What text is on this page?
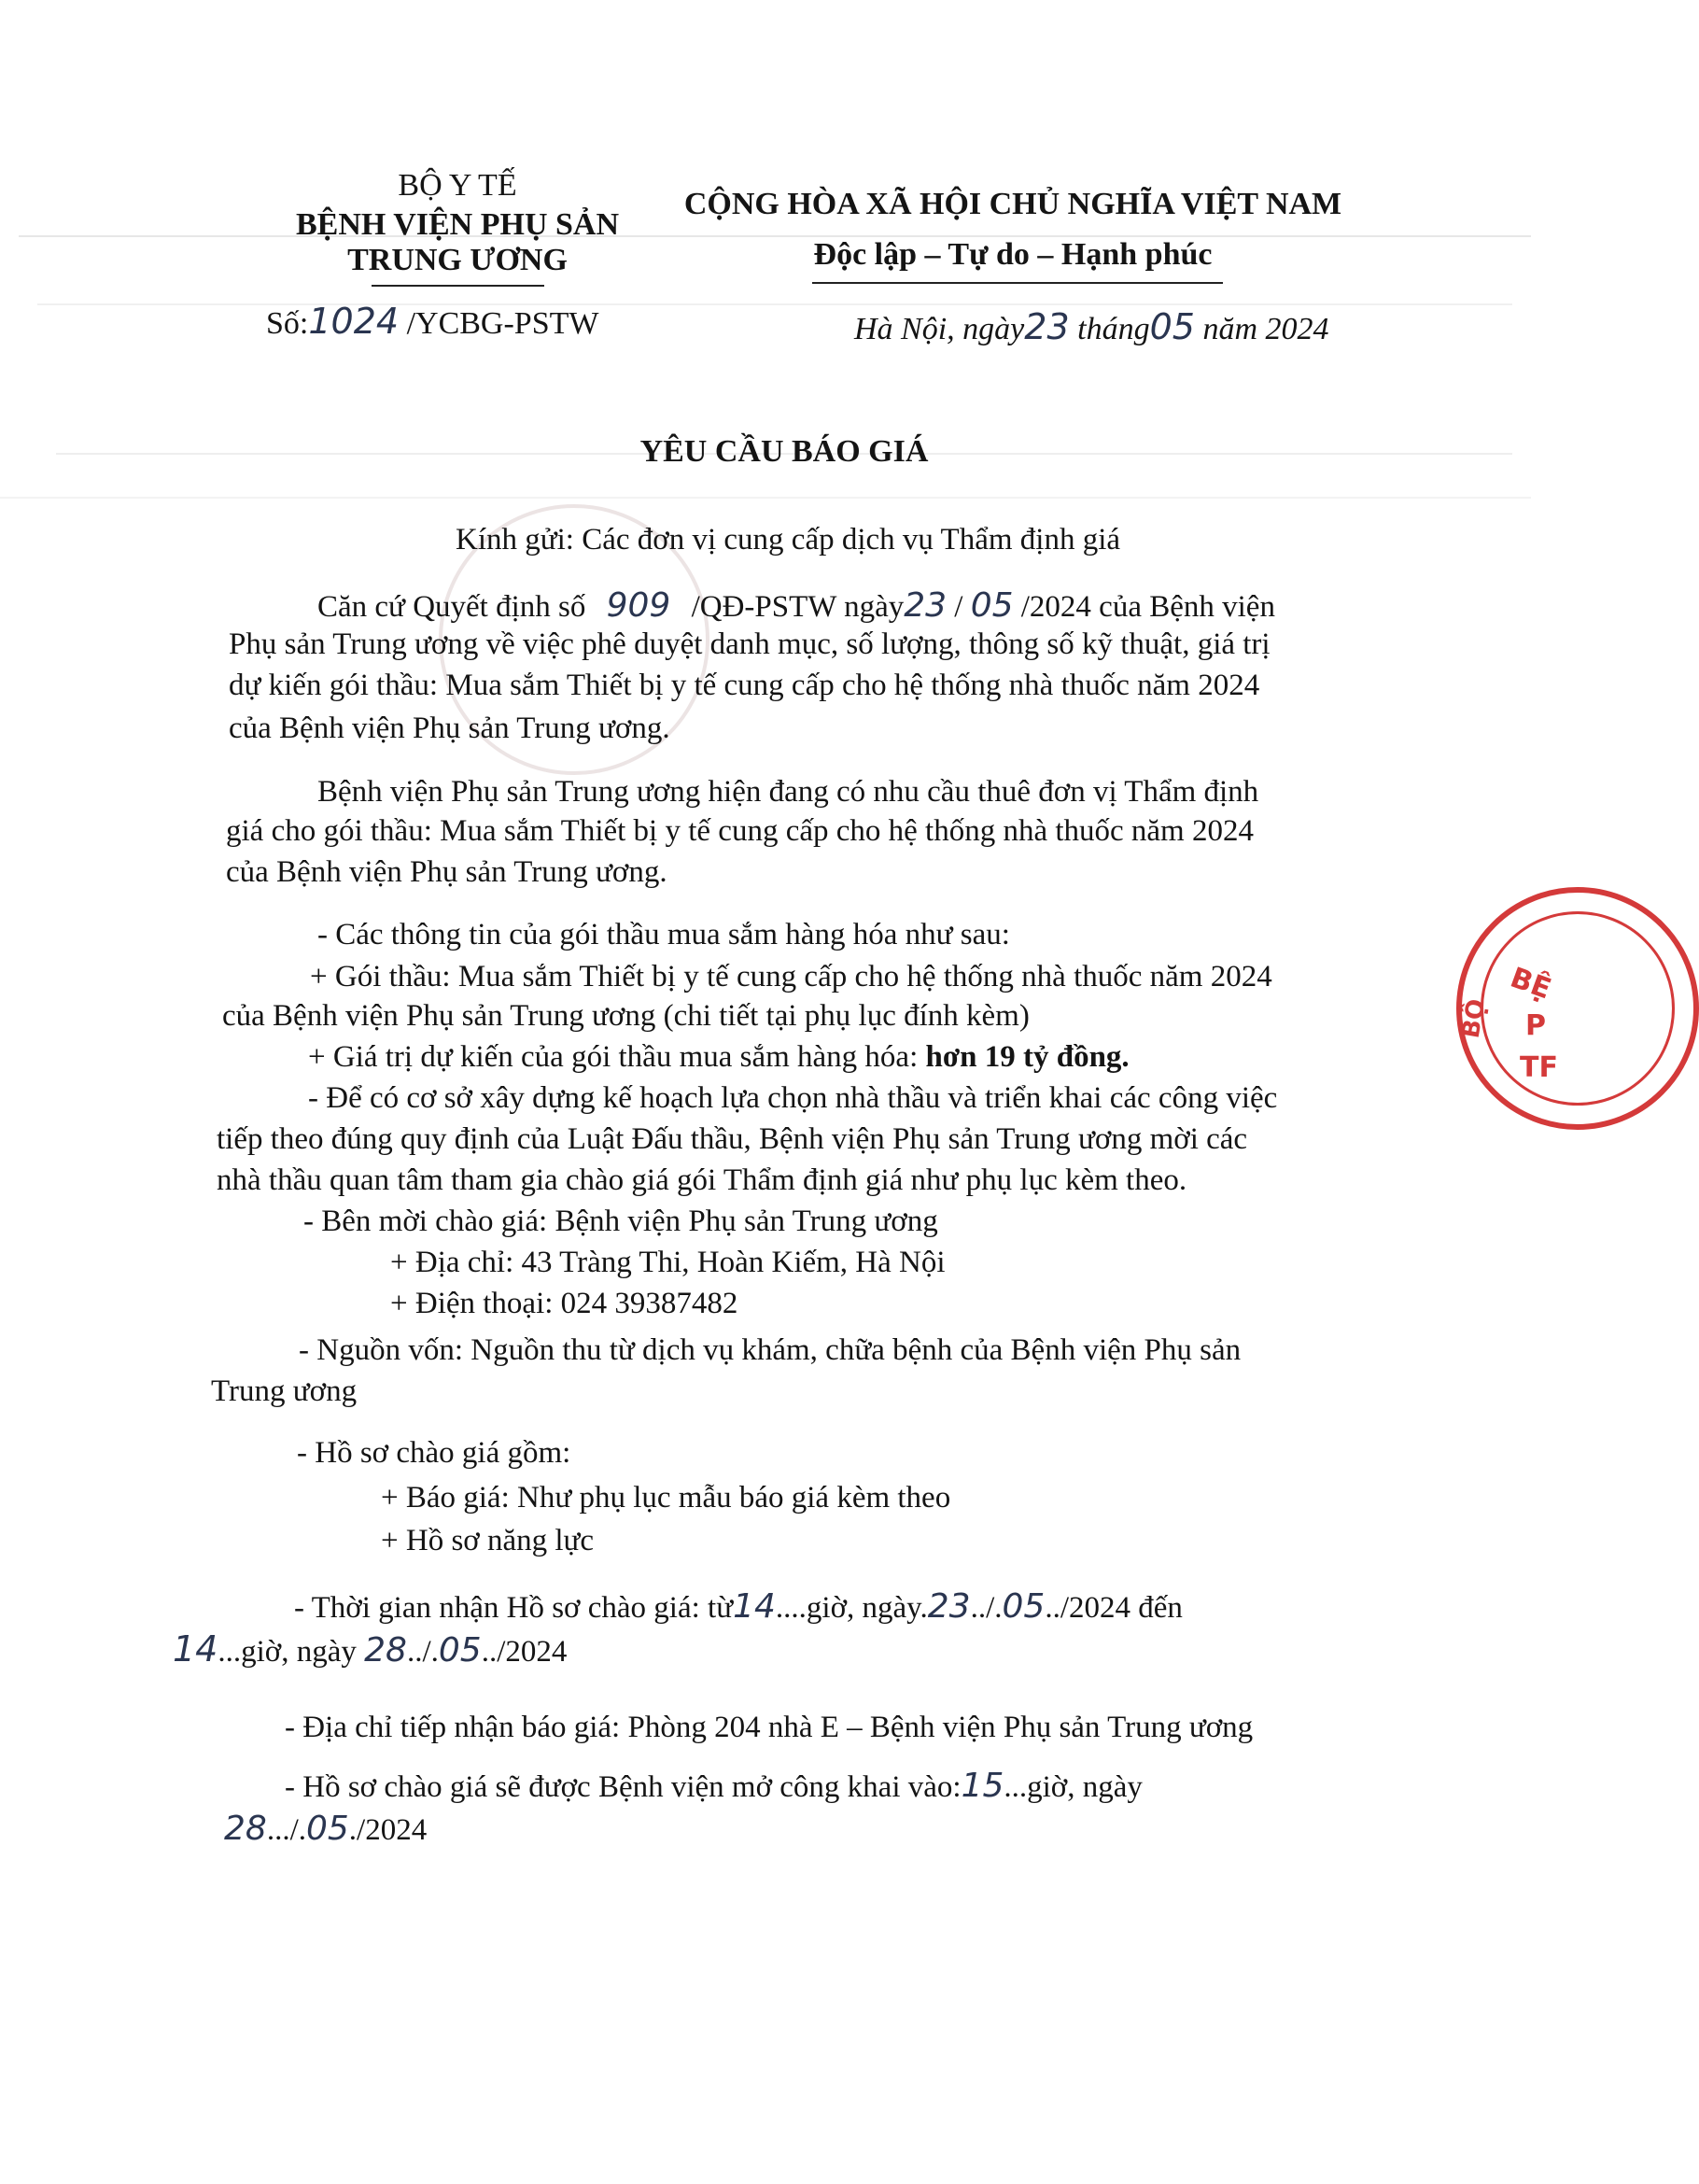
BỘ Y TẾ
BỆNH VIỆN PHỤ SẢN
TRUNG ƯƠNG
Số:1024 /YCBG-PSTW
CỘNG HÒA XÃ HỘI CHỦ NGHĨA VIỆT NAM
Độc lập – Tự do – Hạnh phúc
Hà Nội, ngày23 tháng05 năm 2024
YÊU CẦU BÁO GIÁ
Kính gửi: Các đơn vị cung cấp dịch vụ Thẩm định giá
Căn cứ Quyết định số 909 /QĐ-PSTW ngày23 / 05 /2024 của Bệnh viện
Phụ sản Trung ương về việc phê duyệt danh mục, số lượng, thông số kỹ thuật, giá trị
dự kiến gói thầu: Mua sắm Thiết bị y tế cung cấp cho hệ thống nhà thuốc năm 2024
của Bệnh viện Phụ sản Trung ương.
Bệnh viện Phụ sản Trung ương hiện đang có nhu cầu thuê đơn vị Thẩm định
giá cho gói thầu: Mua sắm Thiết bị y tế cung cấp cho hệ thống nhà thuốc năm 2024
của Bệnh viện Phụ sản Trung ương.
- Các thông tin của gói thầu mua sắm hàng hóa như sau:
+ Gói thầu: Mua sắm Thiết bị y tế cung cấp cho hệ thống nhà thuốc năm 2024
của Bệnh viện Phụ sản Trung ương (chi tiết tại phụ lục đính kèm)
+ Giá trị dự kiến của gói thầu mua sắm hàng hóa: hơn 19 tỷ đồng.
- Để có cơ sở xây dựng kế hoạch lựa chọn nhà thầu và triển khai các công việc
tiếp theo đúng quy định của Luật Đấu thầu, Bệnh viện Phụ sản Trung ương mời các
nhà thầu quan tâm tham gia chào giá gói Thẩm định giá như phụ lục kèm theo.
- Bên mời chào giá: Bệnh viện Phụ sản Trung ương
+ Địa chỉ: 43 Tràng Thi, Hoàn Kiếm, Hà Nội
+ Điện thoại: 024 39387482
- Nguồn vốn: Nguồn thu từ dịch vụ khám, chữa bệnh của Bệnh viện Phụ sản
Trung ương
- Hồ sơ chào giá gồm:
+ Báo giá: Như phụ lục mẫu báo giá kèm theo
+ Hồ sơ năng lực
- Thời gian nhận Hồ sơ chào giá: từ14....giờ, ngày.23../.05../2024 đến
14...giờ, ngày 28../.05../2024
- Địa chỉ tiếp nhận báo giá: Phòng 204 nhà E – Bệnh viện Phụ sản Trung ương
- Hồ sơ chào giá sẽ được Bệnh viện mở công khai vào:15...giờ, ngày
28.../.05./2024
BỆ
P
TF
BỘ
